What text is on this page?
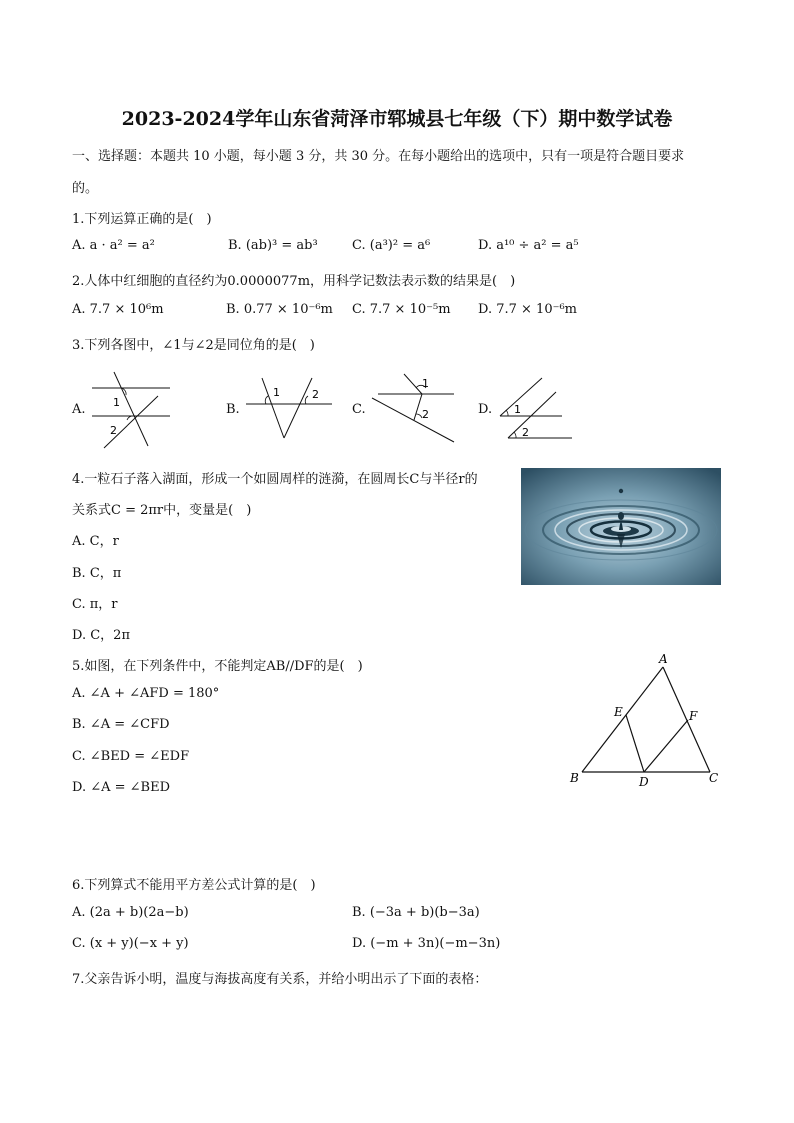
2023-2024学年山东省菏泽市郓城县七年级（下）期中数学试卷
一、选择题：本题共 10 小题，每小题 3 分，共 30 分。在每小题给出的选项中，只有一项是符合题目要求
的。
1.下列运算正确的是(　)
A. a · a² = a²	B. (ab)³ = ab³	C. (a³)² = a⁶	D. a¹⁰ ÷ a² = a⁵
2.人体中红细胞的直径约为0.0000077m，用科学记数法表示数的结果是(　)
A. 7.7 × 10⁶m	B. 0.77 × 10⁻⁶m C. 7.7 × 10⁻⁵m D. 7.7 × 10⁻⁶m
3.下列各图中，∠1与∠2是同位角的是(　)
A.	B.	C.	D.
1
2
1	2
1
2	1
2
4.一粒石子落入湖面，形成一个如圆周样的涟漪，在圆周长C与半径r的
关系式C = 2πr中，变量是(　)
A. C，r
B. C，π
C. π，r
D. C，2π
5.如图，在下列条件中，不能判定AB//DF的是(　)
A. ∠A + ∠AFD = 180°
B. ∠A = ∠CFD
C. ∠BED = ∠EDF
D. ∠A = ∠BED
A
B	C
D
E	F
6.下列算式不能用平方差公式计算的是(　)
A. (2a + b)(2a−b)	B. (−3a + b)(b−3a)
C. (x + y)(−x + y)	D. (−m + 3n)(−m−3n)
7.父亲告诉小明，温度与海拔高度有关系，并给小明出示了下面的表格：
